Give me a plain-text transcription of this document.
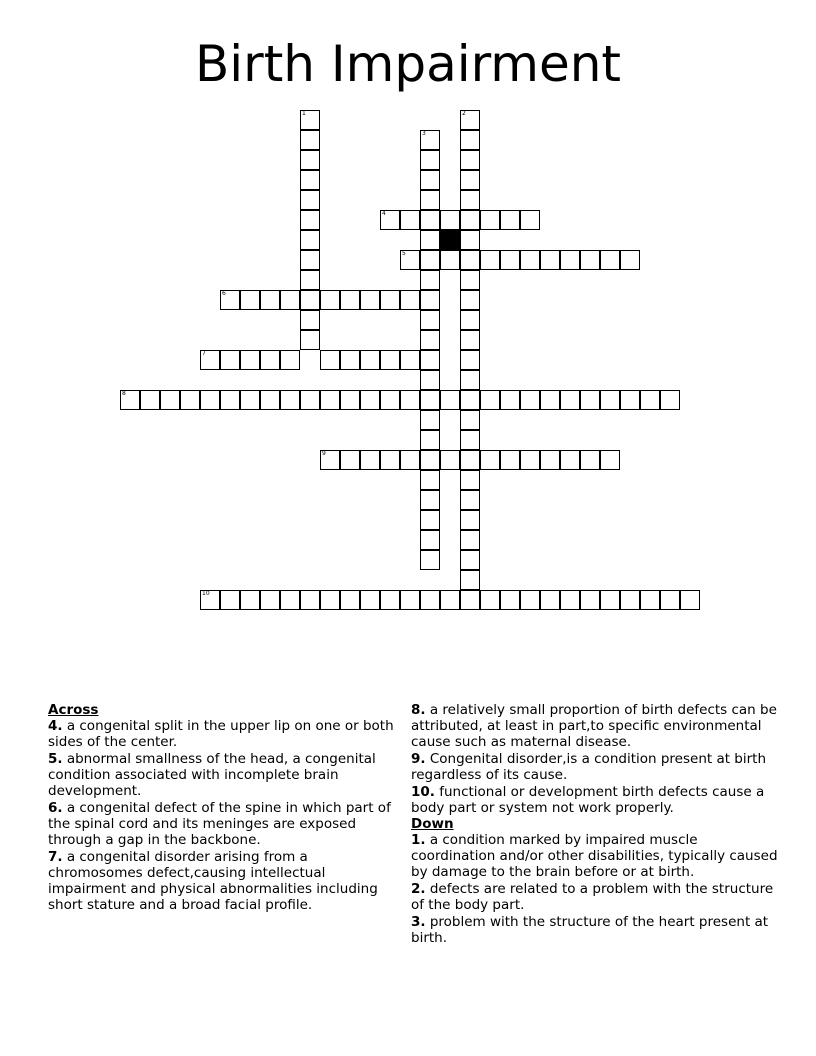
Birth Impairment
1
3
2
4
5
6
7
8
9
10
Across
4. a congenital split in the upper lip on one or both sides of the center.
5. abnormal smallness of the head, a congenital condition associated with incomplete brain development.
6. a congenital defect of the spine in which part of the spinal cord and its meninges are exposed through a gap in the backbone.
7. a congenital disorder arising from a chromosomes defect,causing intellectual impairment and physical abnormalities including short stature and a broad facial profile.
8. a relatively small proportion of birth defects can be attributed, at least in part,to specific environmental cause such as maternal disease.
9. Congenital disorder,is a condition present at birth regardless of its cause.
10. functional or development birth defects cause a body part or system not work properly.
Down
1. a condition marked by impaired muscle coordination and/or other disabilities, typically caused by damage to the brain before or at birth.
2. defects are related to a problem with the structure of the body part.
3. problem with the structure of the heart present at birth.
